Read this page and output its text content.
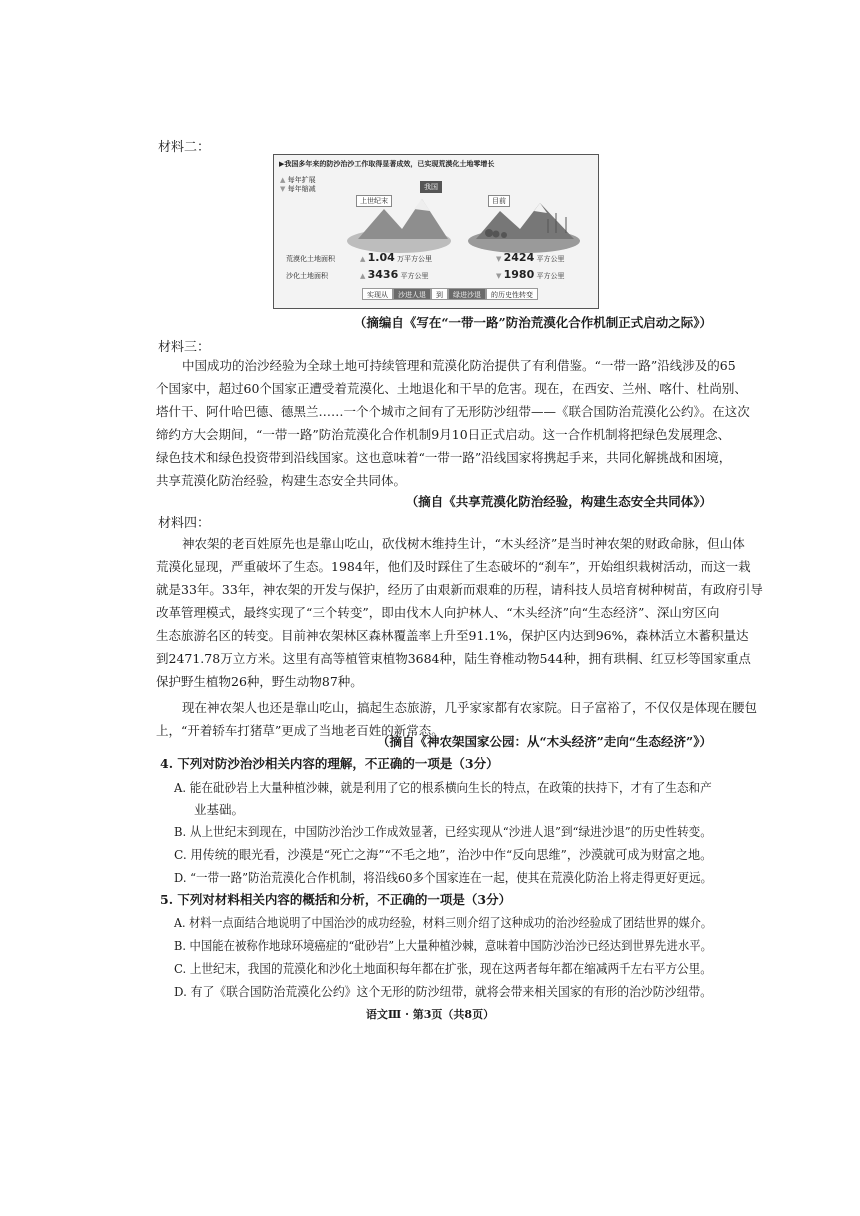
材料二：
▶我国多年来的防沙治沙工作取得显著成效，已实现荒漠化土地零增长
▲ 每年扩展
▼ 每年缩减	我国
上世纪末	目前
荒漠化土地面积	▲ 1.04 万平方公里	▼ 2424 平方公里
沙化土地面积	▲ 3436 平方公里	▼ 1980 平方公里
实现从	沙进人退	到	绿进沙退	的历史性转变
（摘编自《写在“一带一路”防治荒漠化合作机制正式启动之际》）
材料三：
中国成功的治沙经验为全球土地可持续管理和荒漠化防治提供了有利借鉴。“一带一路”沿线涉及的65
个国家中，超过60个国家正遭受着荒漠化、土地退化和干旱的危害。现在，在西安、兰州、喀什、杜尚别、
塔什干、阿什哈巴德、德黑兰……一个个城市之间有了无形防沙纽带——《联合国防治荒漠化公约》。在这次
缔约方大会期间，“一带一路”防治荒漠化合作机制9月10日正式启动。这一合作机制将把绿色发展理念、
绿色技术和绿色投资带到沿线国家。这也意味着“一带一路”沿线国家将携起手来，共同化解挑战和困境，
共享荒漠化防治经验，构建生态安全共同体。
（摘自《共享荒漠化防治经验，构建生态安全共同体》）
材料四：
神农架的老百姓原先也是靠山吃山，砍伐树木维持生计，“木头经济”是当时神农架的财政命脉，但山体
荒漠化显现，严重破坏了生态。1984年，他们及时踩住了生态破坏的“刹车”，开始组织栽树活动，而这一栽
就是33年。33年，神农架的开发与保护，经历了由艰新而艰难的历程，请科技人员培育树种树苗，有政府引导
改革管理模式，最终实现了“三个转变”，即由伐木人向护林人、“木头经济”向“生态经济”、深山穷区向
生态旅游名区的转变。目前神农架林区森林覆盖率上升至91.1%，保护区内达到96%，森林活立木蓄积量达
到2471.78万立方米。这里有高等植管束植物3684种，陆生脊椎动物544种，拥有珙桐、红豆杉等国家重点
保护野生植物26种，野生动物87种。
现在神农架人也还是靠山吃山，搞起生态旅游，几乎家家都有农家院。日子富裕了，不仅仅是体现在腰包
上，“开着轿车打猪草”更成了当地老百姓的新常态。
（摘自《神农架国家公园：从“木头经济”走向“生态经济”》）
4. 下列对防沙治沙相关内容的理解，不正确的一项是（3分）
A. 能在砒砂岩上大量种植沙棘，就是利用了它的根系横向生长的特点，在政策的扶持下，才有了生态和产
业基础。
B. 从上世纪末到现在，中国防沙治沙工作成效显著，已经实现从“沙进人退”到“绿进沙退”的历史性转变。
C. 用传统的眼光看，沙漠是“死亡之海”“不毛之地”，治沙中作“反向思维”，沙漠就可成为财富之地。
D. “一带一路”防治荒漠化合作机制，将沿线60多个国家连在一起，使其在荒漠化防治上将走得更好更远。
5. 下列对材料相关内容的概括和分析，不正确的一项是（3分）
A. 材料一点面结合地说明了中国治沙的成功经验，材料三则介绍了这种成功的治沙经验成了团结世界的媒介。
B. 中国能在被称作地球环境癌症的“砒砂岩”上大量种植沙棘，意味着中国防沙治沙已经达到世界先进水平。
C. 上世纪末，我国的荒漠化和沙化土地面积每年都在扩张，现在这两者每年都在缩减两千左右平方公里。
D. 有了《联合国防治荒漠化公约》这个无形的防沙纽带，就将会带来相关国家的有形的治沙防沙纽带。
语文Ⅲ · 第3页（共8页）
